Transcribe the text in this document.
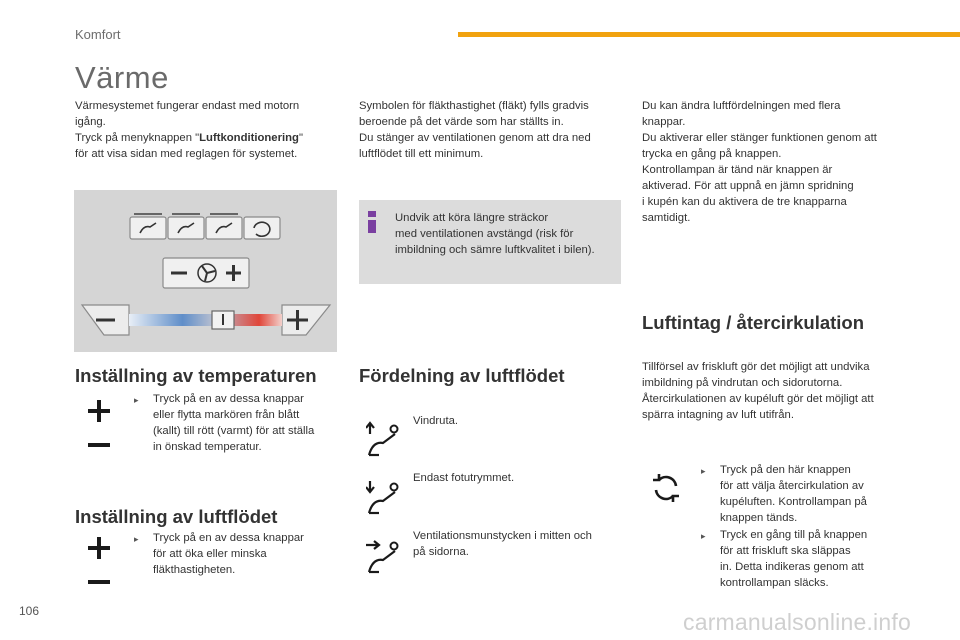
Komfort
Värme
Värmesystemet fungerar endast med motorn
igång.
Tryck på menyknappen "Luftkonditionering"
för att visa sidan med reglagen för systemet.
Symbolen för fläkthastighet (fläkt) fylls gradvis
beroende på det värde som har ställts in.
Du stänger av ventilationen genom att dra ned
luftflödet till ett minimum.
Du kan ändra luftfördelningen med flera
knappar.
Du aktiverar eller stänger funktionen genom att
trycka en gång på knappen.
Kontrollampan är tänd när knappen är
aktiverad. För att uppnå en jämn spridning
i kupén kan du aktivera de tre knapparna
samtidigt.
Undvik att köra längre sträckor
med ventilationen avstängd (risk för
imbildning och sämre luftkvalitet i bilen).
Inställning av temperaturen
▸ Tryck på en av dessa knappar
eller flytta markören från blått
(kallt) till rött (varmt) för att ställa
in önskad temperatur.
Inställning av luftflödet
▸ Tryck på en av dessa knappar
för att öka eller minska
fläkthastigheten.
Fördelning av luftflödet
Vindruta.
Endast fotutrymmet.
Ventilationsmunstycken i mitten och
på sidorna.
Luftintag / återcirkulation
Tillförsel av friskluft gör det möjligt att undvika
imbildning på vindrutan och sidorutorna.
Återcirkulationen av kupéluft gör det möjligt att
spärra intagning av luft utifrån.
▸ Tryck på den här knappen
för att välja återcirkulation av
kupéluften. Kontrollampan på
knappen tänds.
▸ Tryck en gång till på knappen
för att friskluft ska släppas
in. Detta indikeras genom att
kontrollampan släcks.
106	carmanualsonline.info
